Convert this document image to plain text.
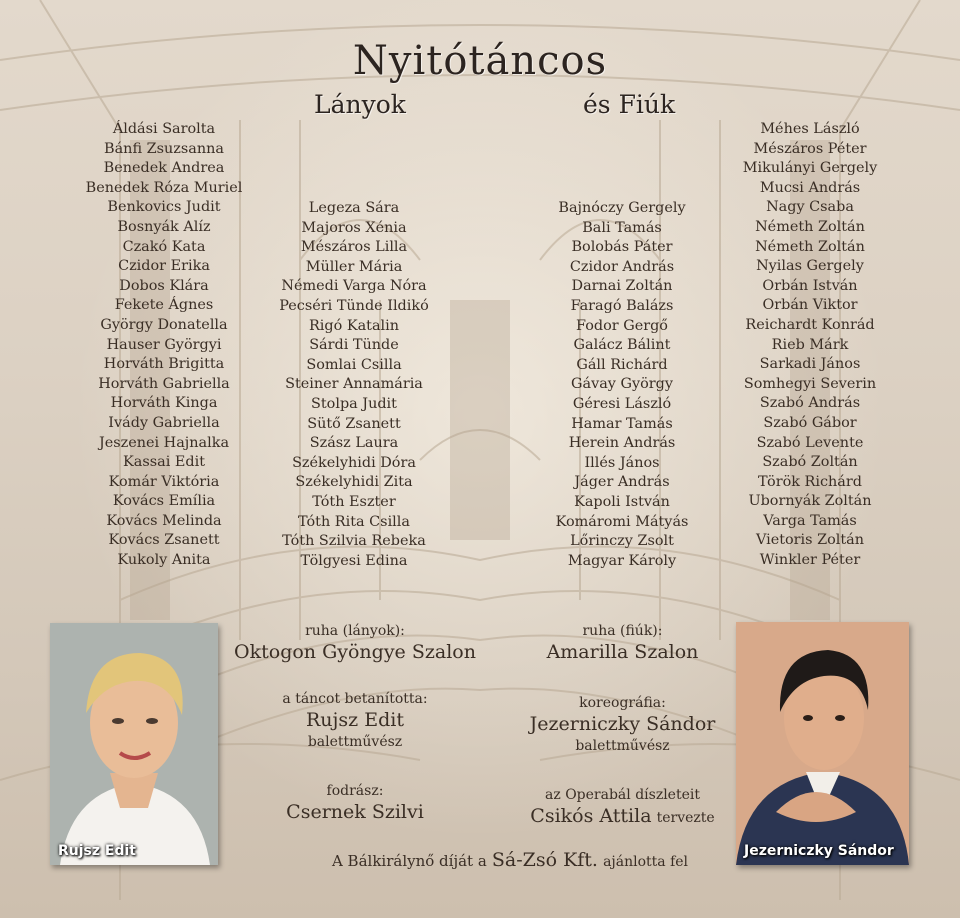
Nyitótáncos
Lányok	és Fiúk
Áldási Sarolta
Bánfi Zsuzsanna
Benedek Andrea
Benedek Róza Muriel
Benkovics Judit
Bosnyák Alíz
Czakó Kata
Czidor Erika
Dobos Klára
Fekete Ágnes
György Donatella
Hauser Györgyi
Horváth Brigitta
Horváth Gabriella
Horváth Kinga
Ivády Gabriella
Jeszenei Hajnalka
Kassai Edit
Komár Viktória
Kovács Emília
Kovács Melinda
Kovács Zsanett
Kukoly Anita
Legeza Sára
Majoros Xénia
Mészáros Lilla
Müller Mária
Némedi Varga Nóra
Pecséri Tünde Ildikó
Rigó Katalin
Sárdi Tünde
Somlai Csilla
Steiner Annamária
Stolpa Judit
Sütő Zsanett
Szász Laura
Székelyhidi Dóra
Székelyhidi Zita
Tóth Eszter
Tóth Rita Csilla
Tóth Szilvia Rebeka
Tölgyesi Edina
Bajnóczy Gergely
Bali Tamás
Bolobás Páter
Czidor András
Darnai Zoltán
Faragó Balázs
Fodor Gergő
Galácz Bálint
Gáll Richárd
Gávay György
Géresi László
Hamar Tamás
Herein András
Illés János
Jáger András
Kapoli István
Komáromi Mátyás
Lőrinczy Zsolt
Magyar Károly
Méhes László
Mészáros Péter
Mikulányi Gergely
Mucsi András
Nagy Csaba
Németh Zoltán
Németh Zoltán
Nyilas Gergely
Orbán István
Orbán Viktor
Reichardt Konrád
Rieb Márk
Sarkadi János
Somhegyi Severin
Szabó András
Szabó Gábor
Szabó Levente
Szabó Zoltán
Török Richárd
Ubornyák Zoltán
Varga Tamás
Vietoris Zoltán
Winkler Péter
ruha (lányok):
Oktogon Gyöngye Szalon
ruha (fiúk):
Amarilla Szalon
a táncot betanította:
Rujsz Edit
balettművész
koreográfia:
Jezerniczky Sándor
balettművész
fodrász:
Csernek Szilvi
az Operabál díszleteit
Csikós Attila tervezte
A Bálkirálynő díját a Sá-Zsó Kft. ajánlotta fel
Rujsz Edit	Jezerniczky Sándor
